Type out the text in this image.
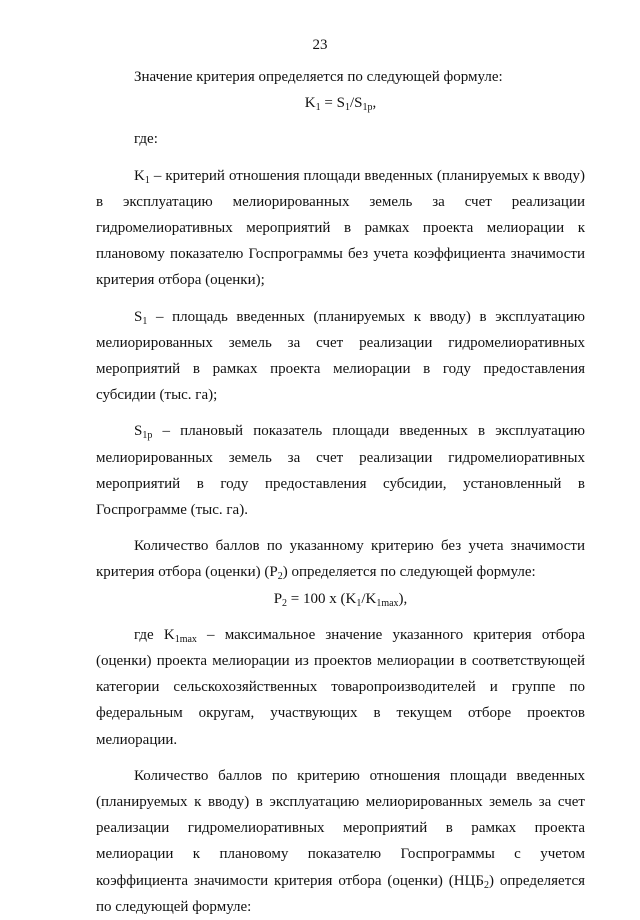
23

Значение критерия определяется по следующей формуле:

$K_1 = S_1/S_{1p}$,

где:

$K_1$ – критерий отношения площади введенных (планируемых к вводу) в эксплуатацию мелиорированных земель за счет реализации гидромелиоративных мероприятий в рамках проекта мелиорации к плановому показателю Госпрограммы без учета коэффициента значимости критерия отбора (оценки);

$S_1$ – площадь введенных (планируемых к вводу) в эксплуатацию мелиорированных земель за счет реализации гидромелиоративных мероприятий в рамках проекта мелиорации в году предоставления субсидии (тыс. га);

$S_{1p}$ – плановый показатель площади введенных в эксплуатацию мелиорированных земель за счет реализации гидромелиоративных мероприятий в году предоставления субсидии, установленный в Госпрограмме (тыс. га).

Количество баллов по указанному критерию без учета значимости критерия отбора (оценки) $(P_2)$ определяется по следующей формуле:

$P_2 = 100$ x $(K_1/K_{1max})$,

где $K_{1max}$ – максимальное значение указанного критерия отбора (оценки) проекта мелиорации из проектов мелиорации в соответствующей категории сельскохозяйственных товаропроизводителей и группе по федеральным округам, участвующих в текущем отборе проектов мелиорации.

Количество баллов по критерию отношения площади введенных (планируемых к вводу) в эксплуатацию мелиорированных земель за счет реализации гидромелиоративных мероприятий в рамках проекта мелиорации к плановому показателю Госпрограммы с учетом коэффициента значимости критерия отбора (оценки) $(НЦБ_2)$ определяется по следующей формуле:
